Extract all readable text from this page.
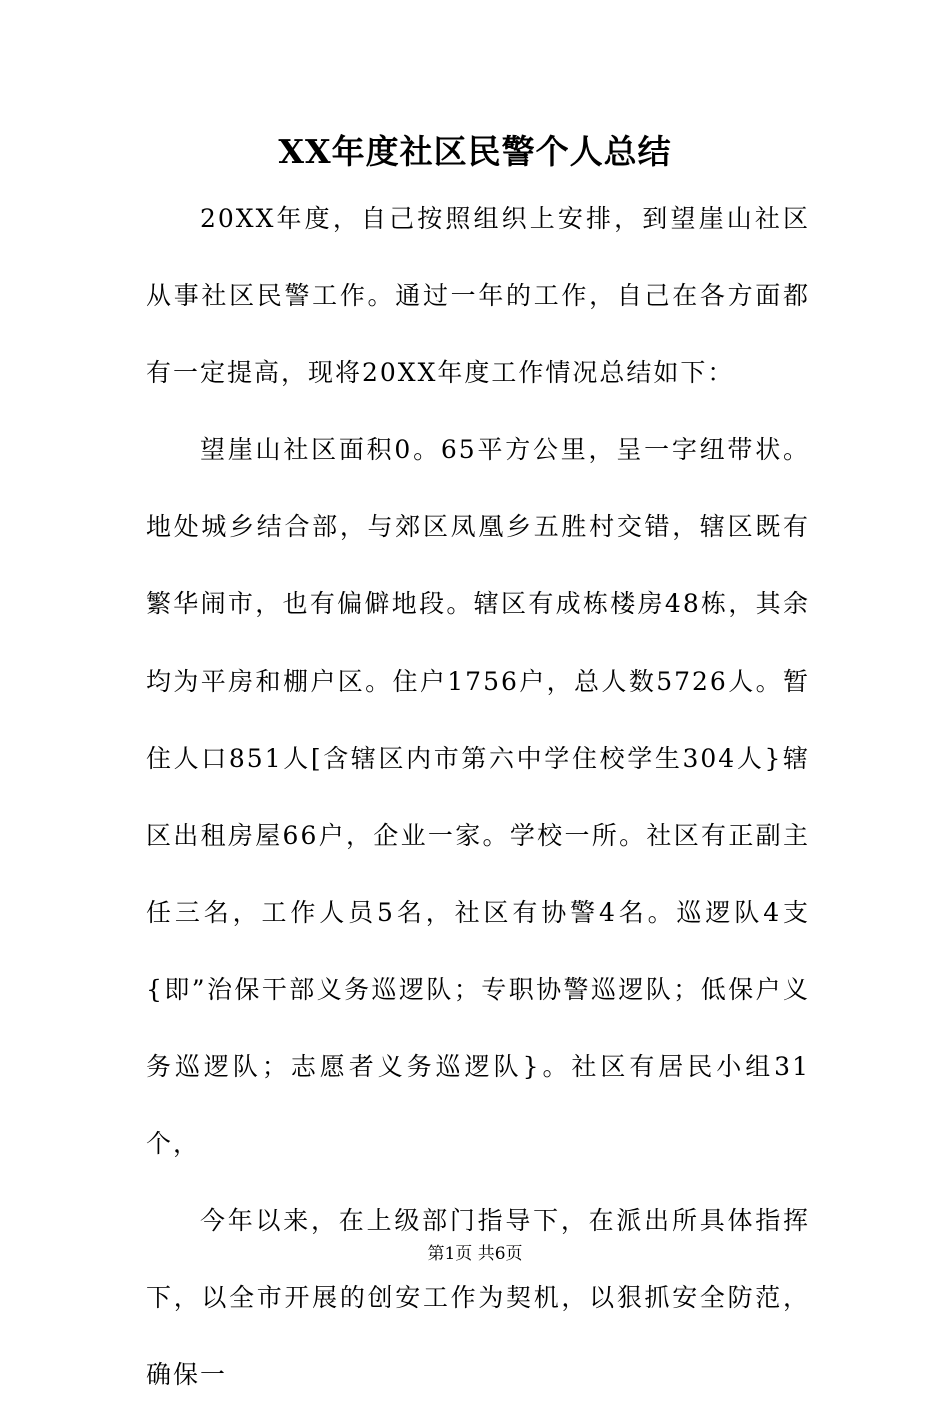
XX年度社区民警个人总结

20XX年度，自己按照组织上安排，到望崖山社区从事社区民警工作。通过一年的工作，自己在各方面都有一定提高，现将20XX年度工作情况总结如下：

望崖山社区面积0。65平方公里，呈一字纽带状。地处城乡结合部，与郊区凤凰乡五胜村交错，辖区既有繁华闹市，也有偏僻地段。辖区有成栋楼房48栋，其余均为平房和棚户区。住户1756户，总人数5726人。暂住人口851人[含辖区内市第六中学住校学生304人}辖区出租房屋66户，企业一家。学校一所。社区有正副主任三名，工作人员5名，社区有协警4名。巡逻队4支{即”治保干部义务巡逻队；专职协警巡逻队；低保户义务巡逻队；志愿者义务巡逻队}。社区有居民小组31个，

今年以来，在上级部门指导下，在派出所具体指挥下，以全市开展的创安工作为契机，以狠抓安全防范，确保一

第1页 共6页
